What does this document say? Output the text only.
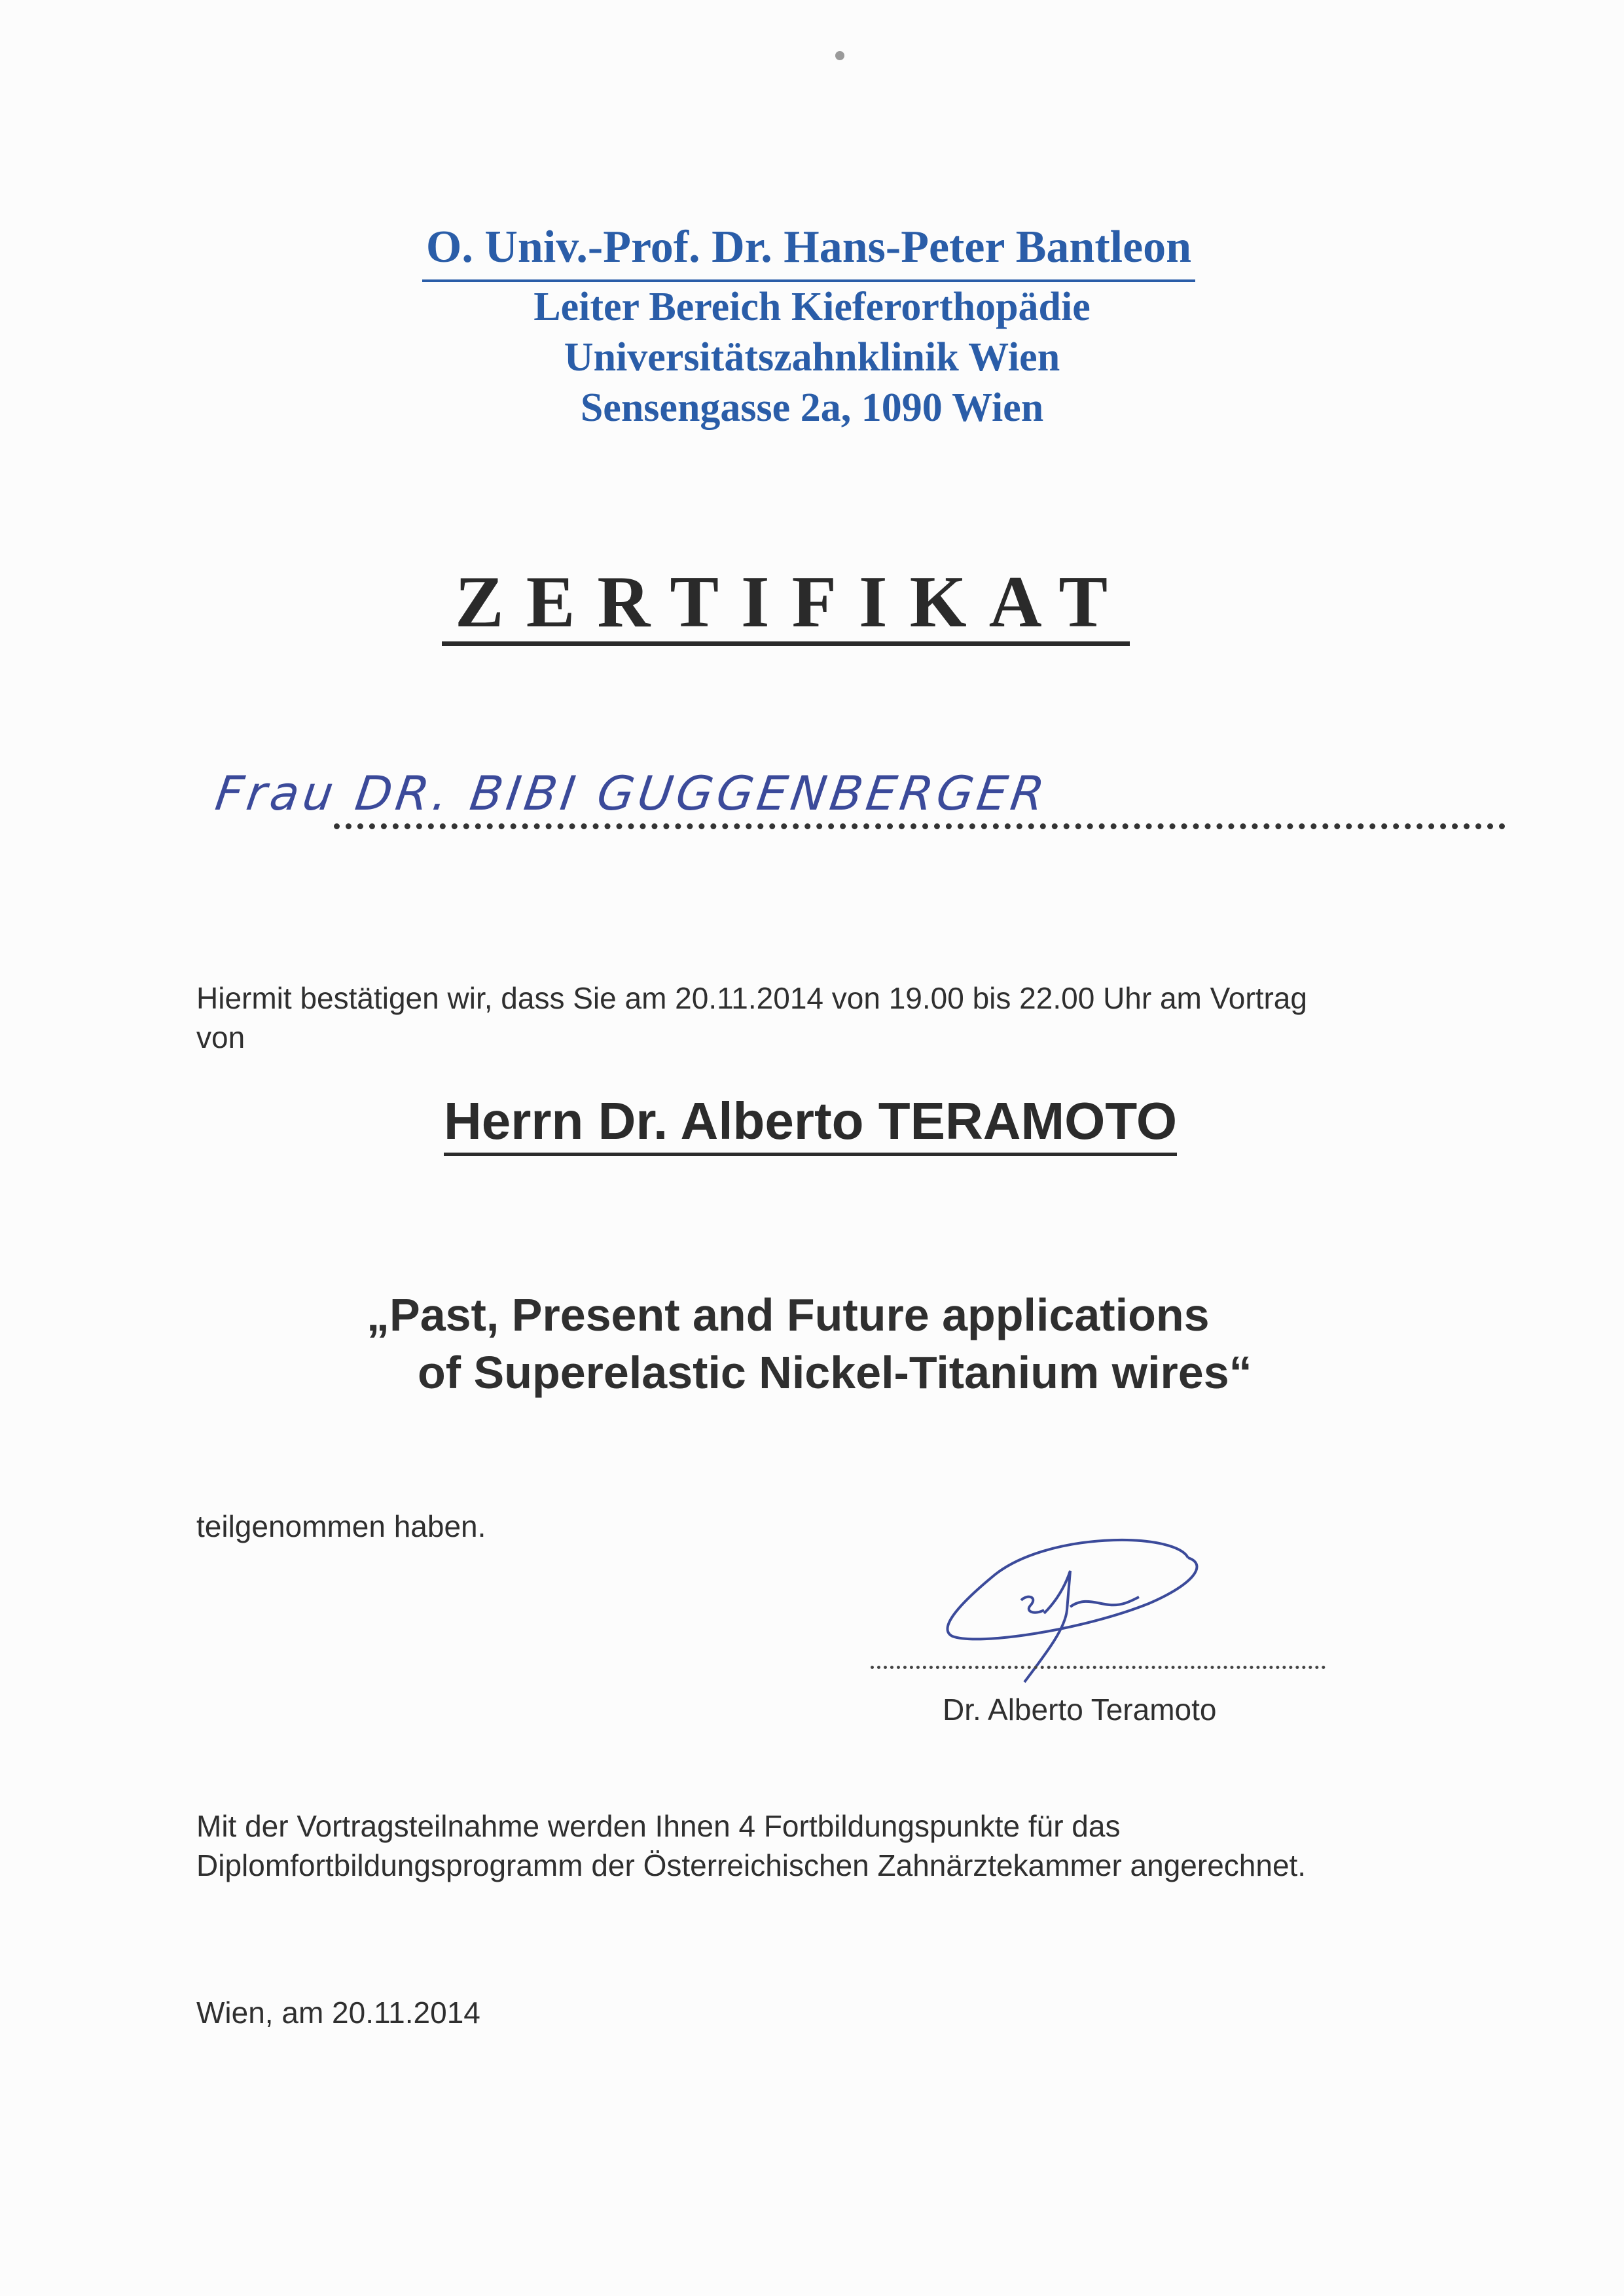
O. Univ.-Prof. Dr. Hans-Peter Bantleon
Leiter Bereich Kieferorthopädie
Universitätszahnklinik Wien
Sensengasse 2a, 1090 Wien
ZERTIFIKAT
Frau DR. BIBI GUGGENBERGER
Hiermit bestätigen wir, dass Sie am 20.11.2014 von 19.00 bis 22.00 Uhr am Vortrag
von
Herrn Dr. Alberto TERAMOTO
„Past, Present and Future applications
of Superelastic Nickel-Titanium wires“
teilgenommen haben.
Dr. Alberto Teramoto
Mit der Vortragsteilnahme werden Ihnen 4 Fortbildungspunkte für das
Diplomfortbildungsprogramm der Österreichischen Zahnärztekammer angerechnet.
Wien, am 20.11.2014
